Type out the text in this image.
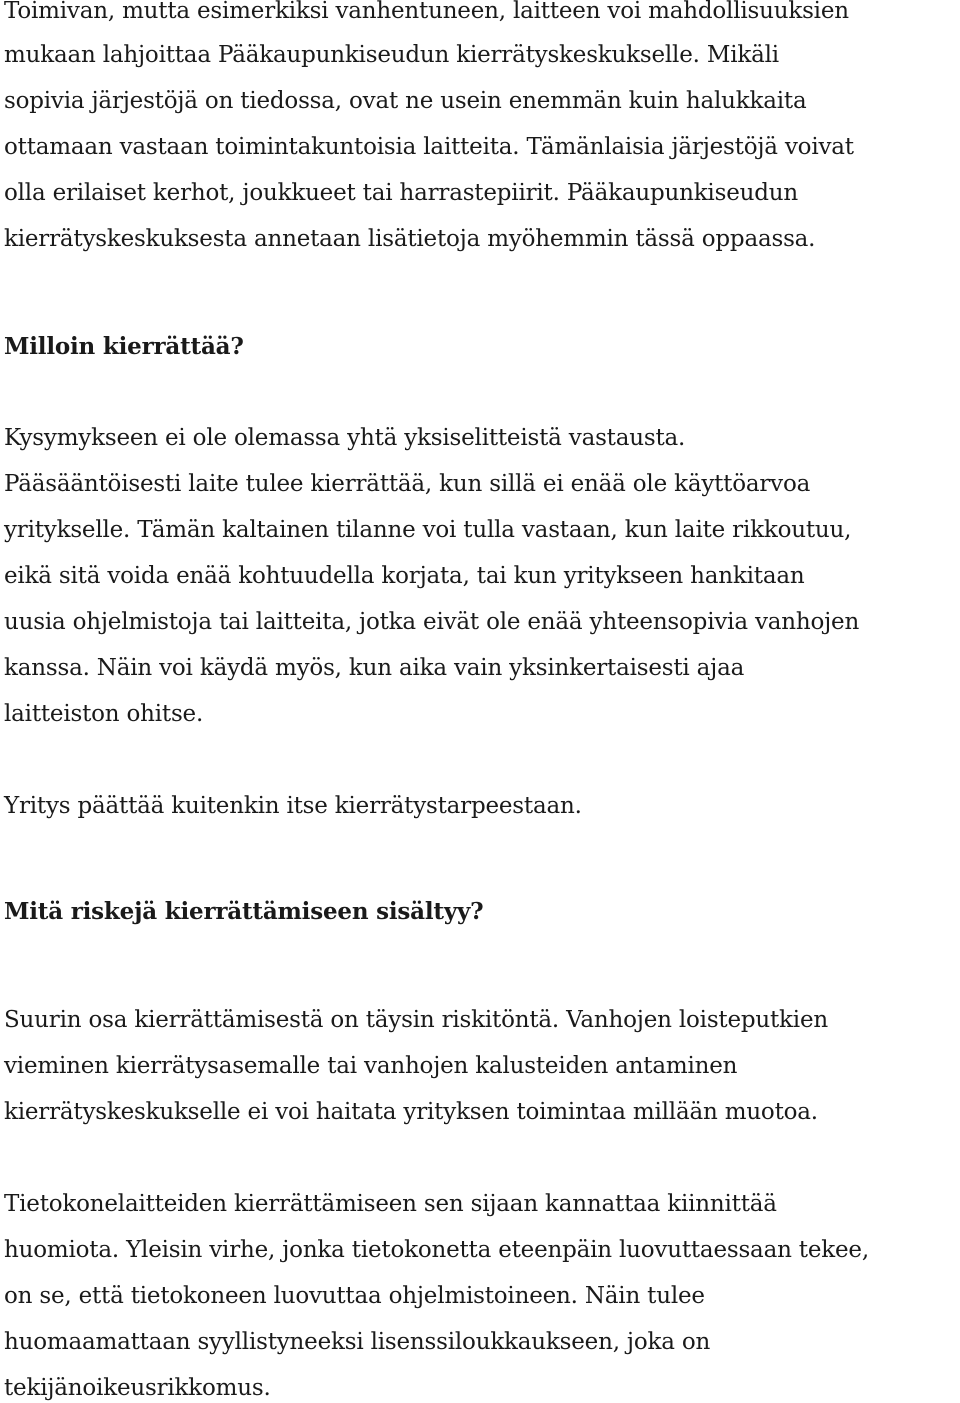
Toimivan, mutta esimerkiksi vanhentuneen, laitteen voi mahdollisuuksien
mukaan lahjoittaa Pääkaupunkiseudun kierrätyskeskukselle. Mikäli
sopivia järjestöjä on tiedossa, ovat ne usein enemmän kuin halukkaita
ottamaan vastaan toimintakuntoisia laitteita. Tämänlaisia järjestöjä voivat
olla erilaiset kerhot, joukkueet tai harrastepiirit. Pääkaupunkiseudun
kierrätyskeskuksesta annetaan lisätietoja myöhemmin tässä oppaassa.
Milloin kierrättää?
Kysymykseen ei ole olemassa yhtä yksiselitteistä vastausta.
Pääsääntöisesti laite tulee kierrättää, kun sillä ei enää ole käyttöarvoa
yritykselle. Tämän kaltainen tilanne voi tulla vastaan, kun laite rikkoutuu,
eikä sitä voida enää kohtuudella korjata, tai kun yritykseen hankitaan
uusia ohjelmistoja tai laitteita, jotka eivät ole enää yhteensopivia vanhojen
kanssa. Näin voi käydä myös, kun aika vain yksinkertaisesti ajaa
laitteiston ohitse.
Yritys päättää kuitenkin itse kierrätystarpeestaan.
Mitä riskejä kierrättämiseen sisältyy?
Suurin osa kierrättämisestä on täysin riskitöntä. Vanhojen loisteputkien
vieminen kierrätysasemalle tai vanhojen kalusteiden antaminen
kierrätyskeskukselle ei voi haitata yrityksen toimintaa millään muotoa.
Tietokonelaitteiden kierrättämiseen sen sijaan kannattaa kiinnittää
huomiota. Yleisin virhe, jonka tietokonetta eteenpäin luovuttaessaan tekee,
on se, että tietokoneen luovuttaa ohjelmistoineen. Näin tulee
huomaamattaan syyllistyneeksi lisenssiloukkaukseen, joka on
tekijänoikeusrikkomus.
